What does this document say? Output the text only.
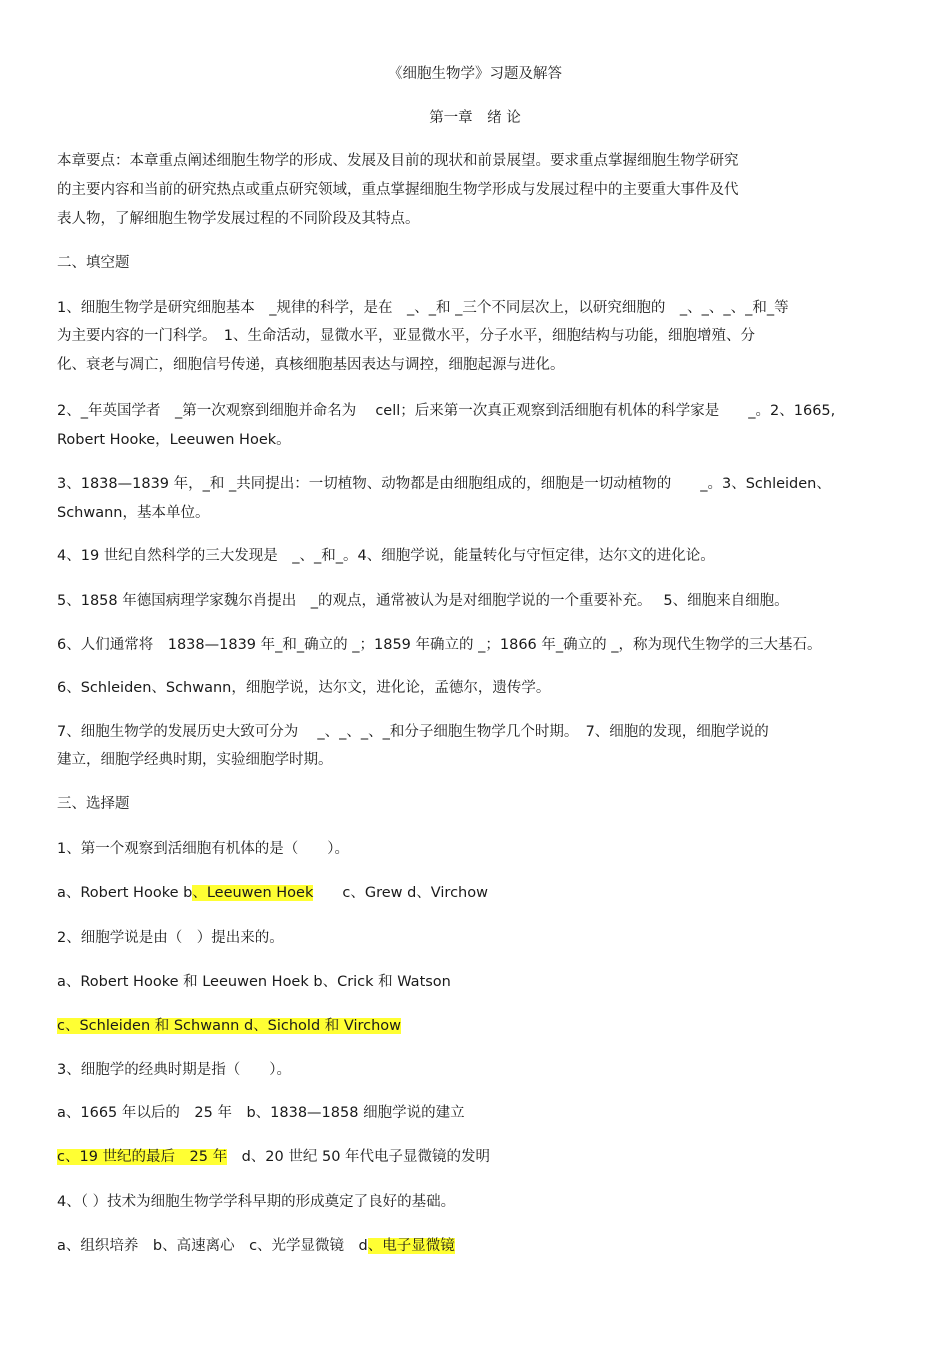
《细胞生物学》习题及解答
第一章　绪 论
本章要点：本章重点阐述细胞生物学的形成、发展及目前的现状和前景展望。要求重点掌握细胞生物学研究
的主要内容和当前的研究热点或重点研究领域，重点掌握细胞生物学形成与发展过程中的主要重大事件及代
表人物，了解细胞生物学发展过程的不同阶段及其特点。
二、填空题
1、细胞生物学是研究细胞基本　_规律的科学，是在　_、_和 _三个不同层次上，以研究细胞的　_、_、_、_和_等
为主要内容的一门科学。　1、生命活动，显微水平，亚显微水平，分子水平，细胞结构与功能，细胞增殖、分
化、衰老与凋亡，细胞信号传递，真核细胞基因表达与调控，细胞起源与进化。
2、_年英国学者　_第一次观察到细胞并命名为　 cell；后来第一次真正观察到活细胞有机体的科学家是　　_。2、1665,
Robert Hooke，Leeuwen Hoek。
3、1838—1839 年，_和 _共同提出：一切植物、动物都是由细胞组成的，细胞是一切动植物的　　_。3、Schleiden、
Schwann，基本单位。
4、19 世纪自然科学的三大发现是　_、_和_。4、细胞学说，能量转化与守恒定律，达尔文的进化论。
5、1858 年德国病理学家魏尔肖提出　_的观点，通常被认为是对细胞学说的一个重要补充。　 5、细胞来自细胞。
6、人们通常将　1838—1839 年_和_确立的 _；1859 年确立的 _；1866 年_确立的 _，称为现代生物学的三大基石。
6、Schleiden、Schwann，细胞学说，达尔文，进化论，孟德尔，遗传学。
7、细胞生物学的发展历史大致可分为　 _、_、_、_和分子细胞生物学几个时期。　7、细胞的发现，细胞学说的
建立，细胞学经典时期，实验细胞学时期。
三、选择题
1、第一个观察到活细胞有机体的是（　　）。
a、Robert Hooke b、Leeuwen Hoek　　c、Grew d、Virchow
2、细胞学说是由（　）提出来的。
a、Robert Hooke 和 Leeuwen Hoek b、Crick 和 Watson
c、Schleiden 和 Schwann d、Sichold 和 Virchow
3、细胞学的经典时期是指（　　）。
a、1665 年以后的　25 年　b、1838—1858 细胞学说的建立
c、19 世纪的最后　25 年　d、20 世纪 50 年代电子显微镜的发明
4、（ ）技术为细胞生物学学科早期的形成奠定了良好的基础。
a、组织培养　b、高速离心　c、光学显微镜　d、电子显微镜
